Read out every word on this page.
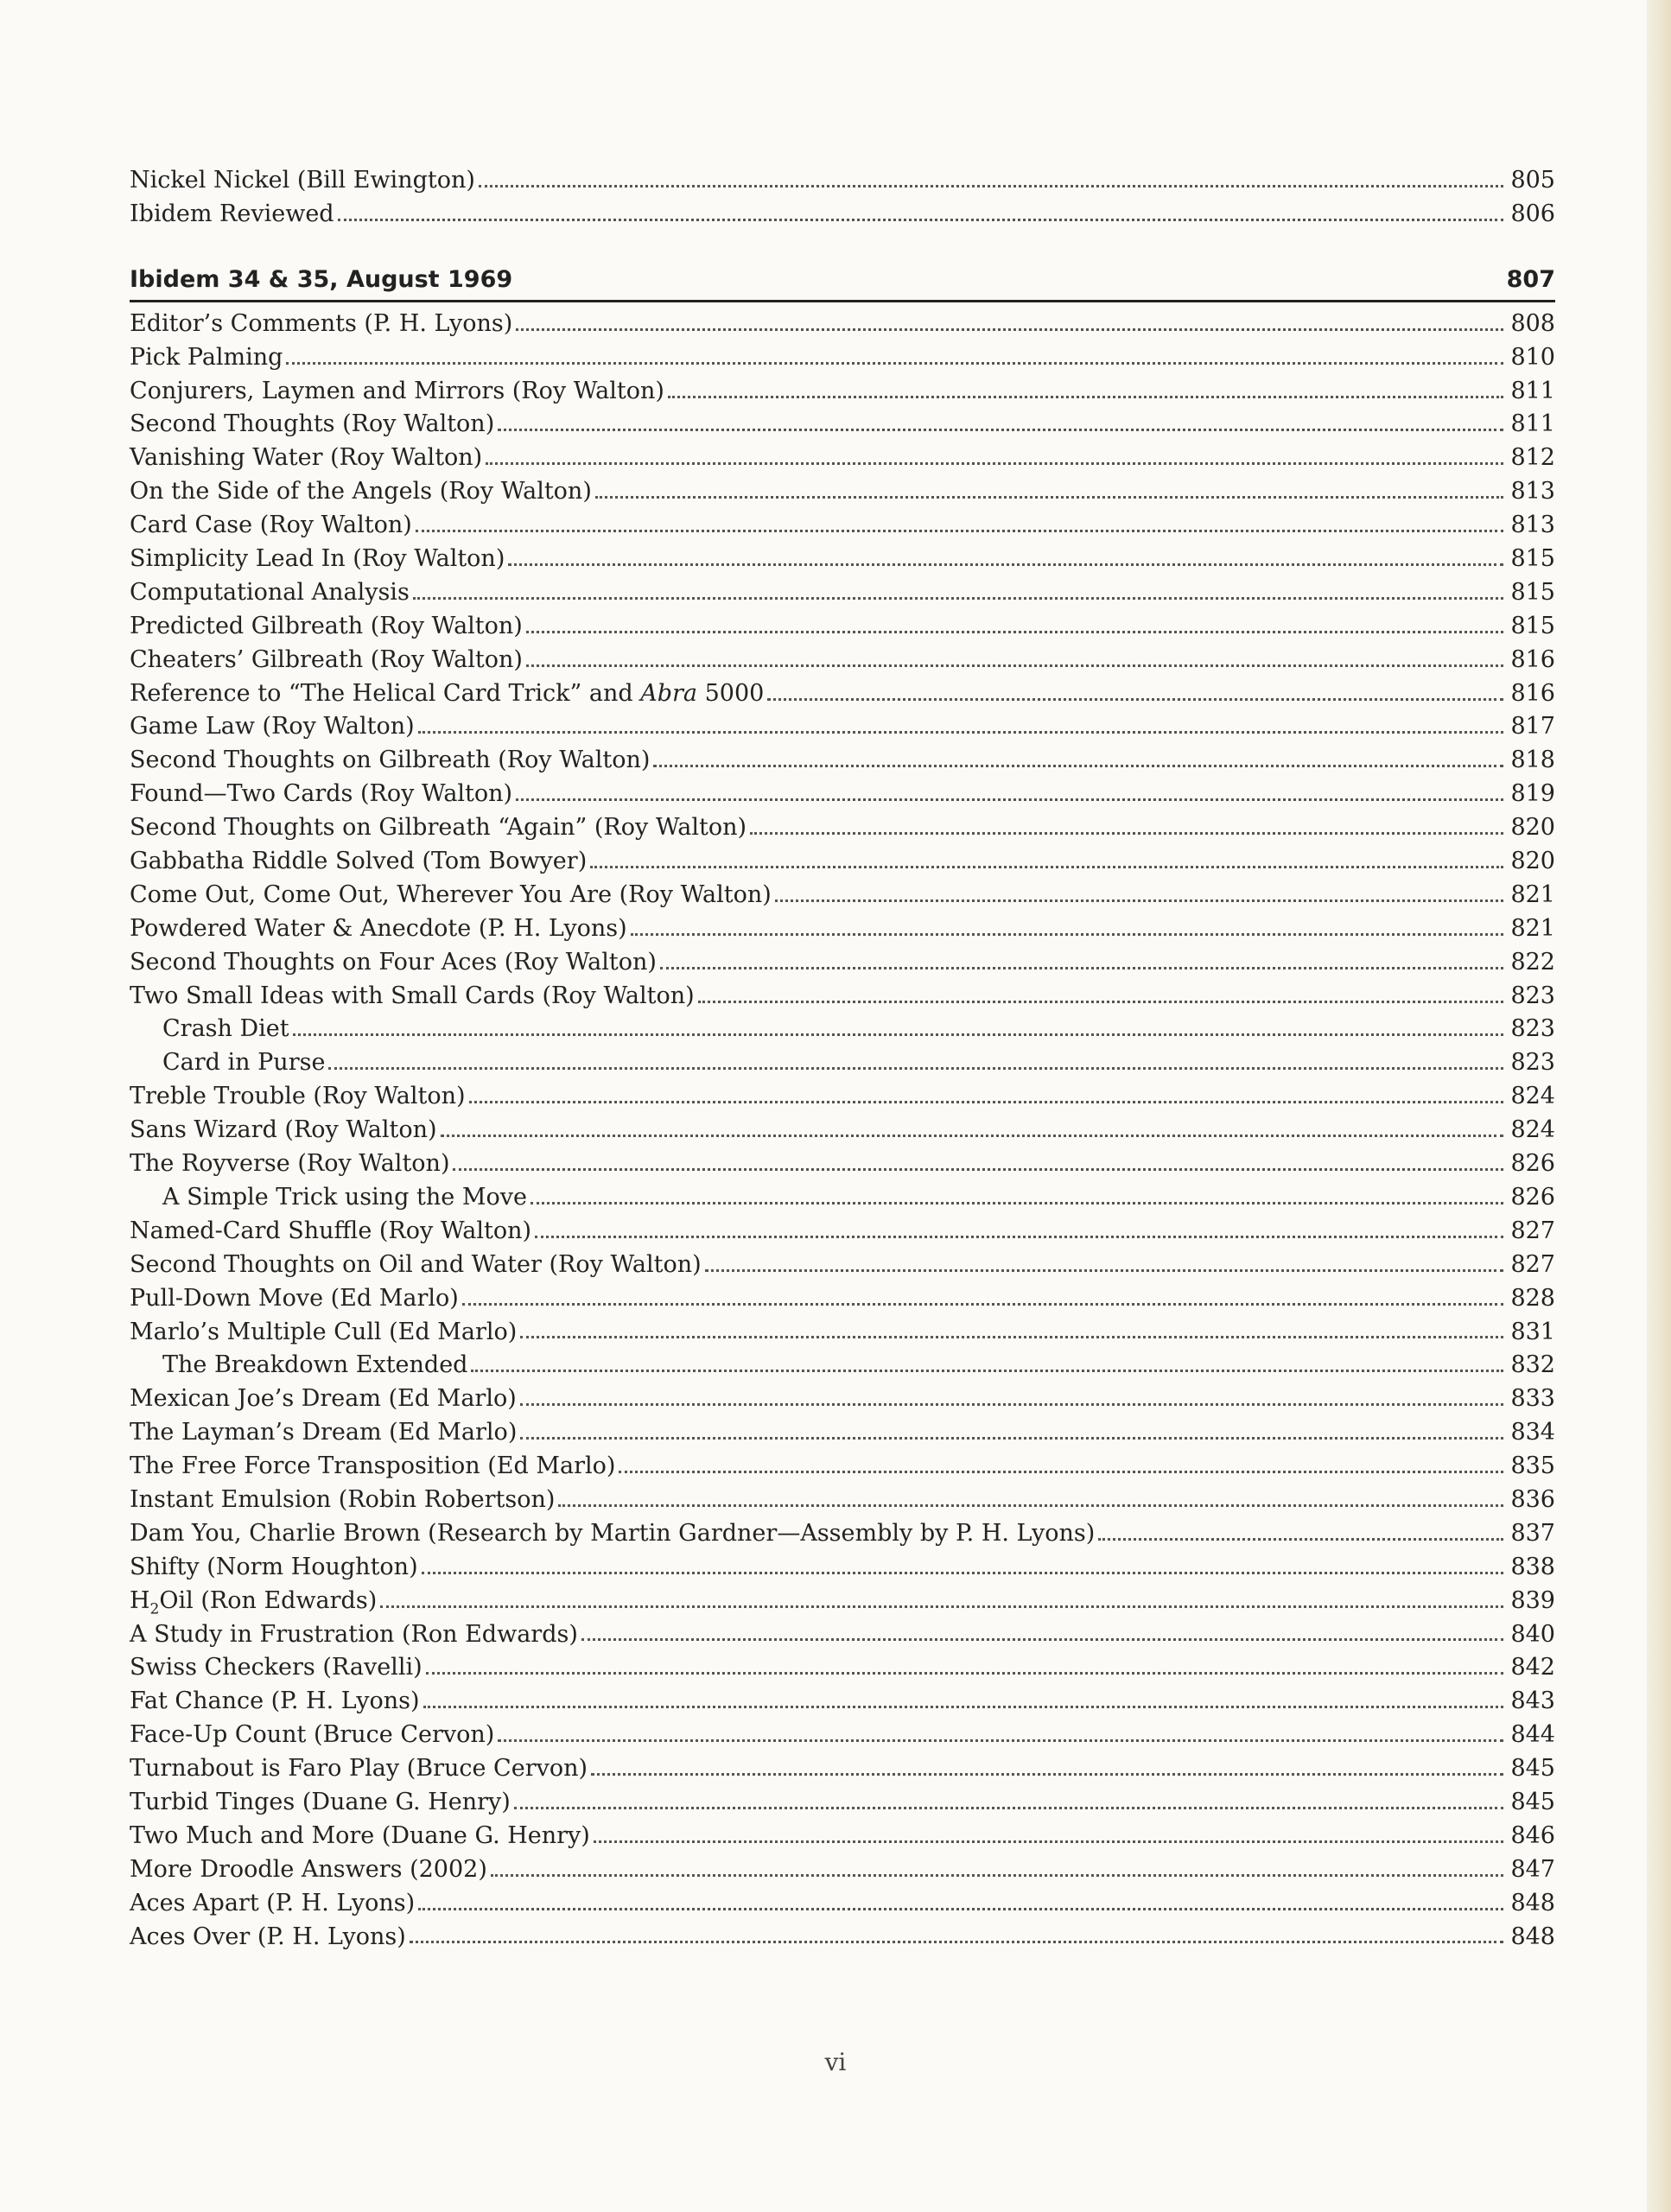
Nickel Nickel (Bill Ewington)	805
Ibidem Reviewed	806
Ibidem 34 & 35, August 1969	807
Editor’s Comments (P. H. Lyons)	808
Pick Palming	810
Conjurers, Laymen and Mirrors (Roy Walton)	811
Second Thoughts (Roy Walton)	811
Vanishing Water (Roy Walton)	812
On the Side of the Angels (Roy Walton)	813
Card Case (Roy Walton)	813
Simplicity Lead In (Roy Walton)	815
Computational Analysis	815
Predicted Gilbreath (Roy Walton)	815
Cheaters’ Gilbreath (Roy Walton)	816
Reference to “The Helical Card Trick” and Abra 5000	816
Game Law (Roy Walton)	817
Second Thoughts on Gilbreath (Roy Walton)	818
Found—Two Cards (Roy Walton)	819
Second Thoughts on Gilbreath “Again” (Roy Walton)	820
Gabbatha Riddle Solved (Tom Bowyer)	820
Come Out, Come Out, Wherever You Are (Roy Walton)	821
Powdered Water & Anecdote (P. H. Lyons)	821
Second Thoughts on Four Aces (Roy Walton)	822
Two Small Ideas with Small Cards (Roy Walton)	823
Crash Diet	823
Card in Purse	823
Treble Trouble (Roy Walton)	824
Sans Wizard (Roy Walton)	824
The Royverse (Roy Walton)	826
A Simple Trick using the Move	826
Named-Card Shuffle (Roy Walton)	827
Second Thoughts on Oil and Water (Roy Walton)	827
Pull-Down Move (Ed Marlo)	828
Marlo’s Multiple Cull (Ed Marlo)	831
The Breakdown Extended	832
Mexican Joe’s Dream (Ed Marlo)	833
The Layman’s Dream (Ed Marlo)	834
The Free Force Transposition (Ed Marlo)	835
Instant Emulsion (Robin Robertson)	836
Dam You, Charlie Brown (Research by Martin Gardner—Assembly by P. H. Lyons)	837
Shifty (Norm Houghton)	838
$H_2Oil$ (Ron Edwards)	839
A Study in Frustration (Ron Edwards)	840
Swiss Checkers (Ravelli)	842
Fat Chance (P. H. Lyons)	843
Face-Up Count (Bruce Cervon)	844
Turnabout is Faro Play (Bruce Cervon)	845
Turbid Tinges (Duane G. Henry)	845
Two Much and More (Duane G. Henry)	846
More Droodle Answers (2002)	847
Aces Apart (P. H. Lyons)	848
Aces Over (P. H. Lyons)	848
vi
